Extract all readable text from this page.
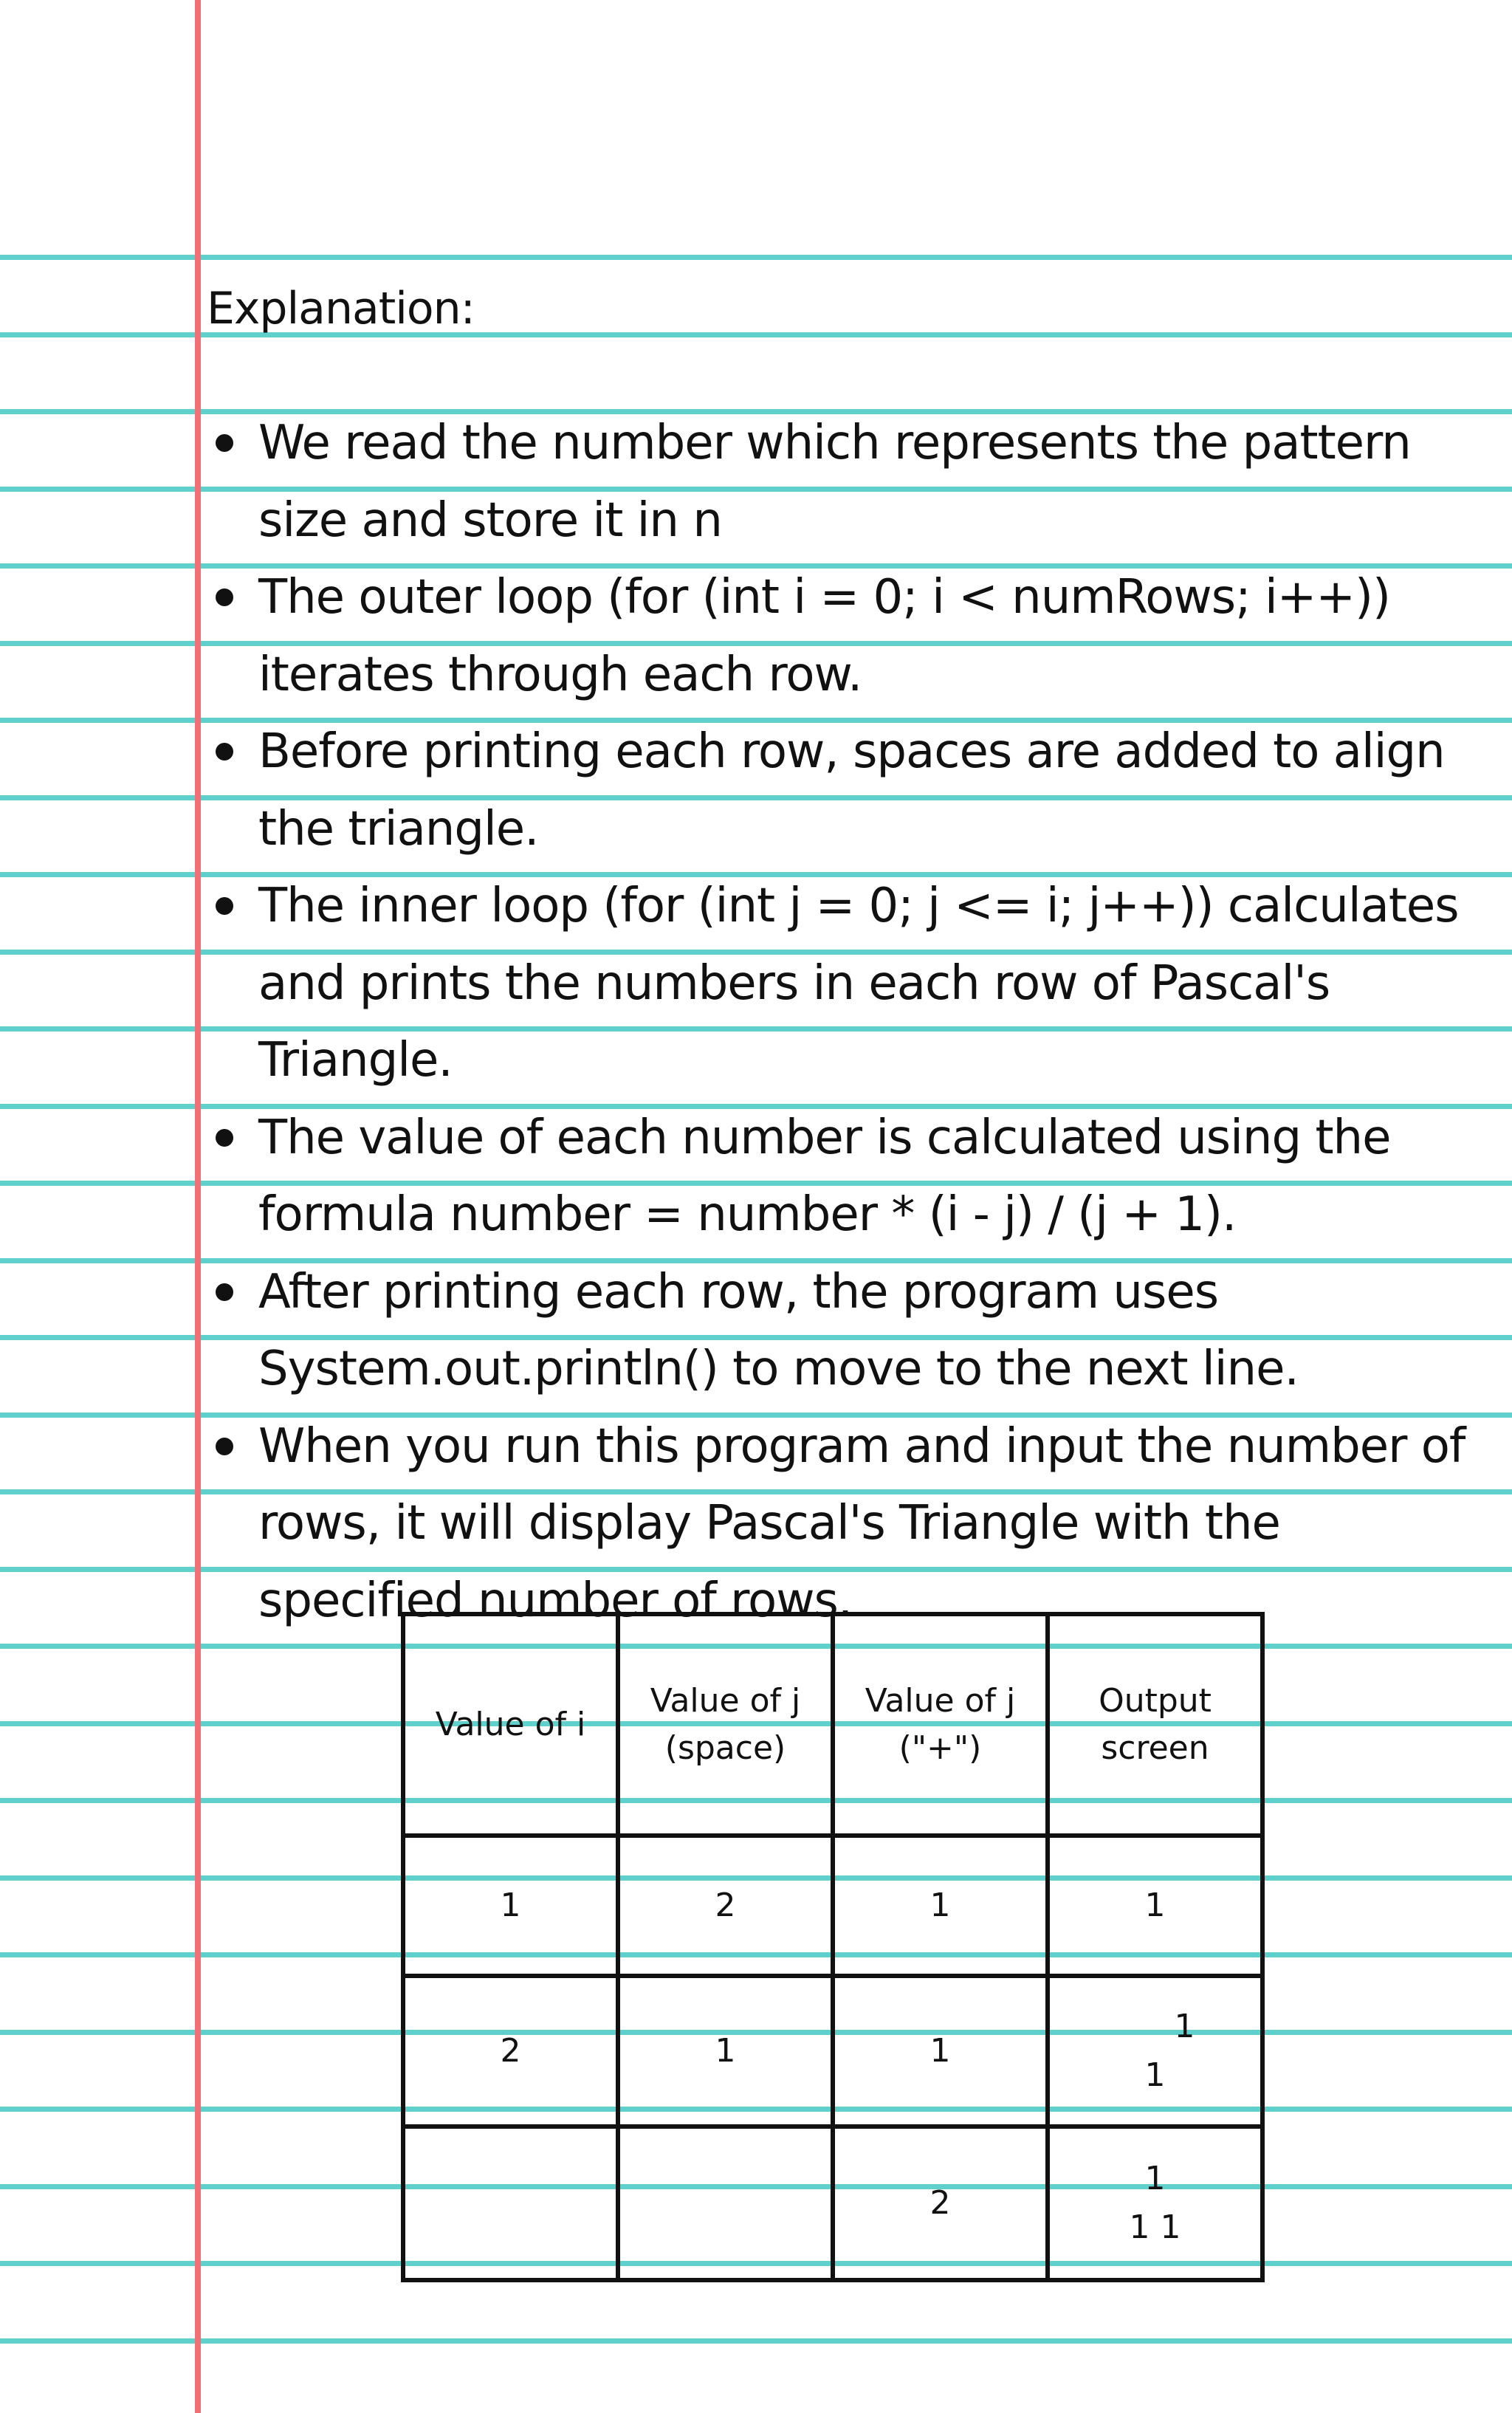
Explanation:
We read the number which represents the pattern size and store it in n
The outer loop (for (int i = 0; i < numRows; i++)) iterates through each row.
Before printing each row, spaces are added to align the triangle.
The inner loop (for (int j = 0; j <= i; j++)) calculates and prints the numbers in each row of Pascal's Triangle.
The value of each number is calculated using the formula number = number * (i - j) / (j + 1).
After printing each row, the program uses System.out.println() to move to the next line.
When you run this program and input the number of rows, it will display Pascal's Triangle with the specified number of rows.
Value of i	Value of j (space)	Value of j ("+")	Output screen
1	2	1	1

2	1	1	1
1

		2	1
1 1
